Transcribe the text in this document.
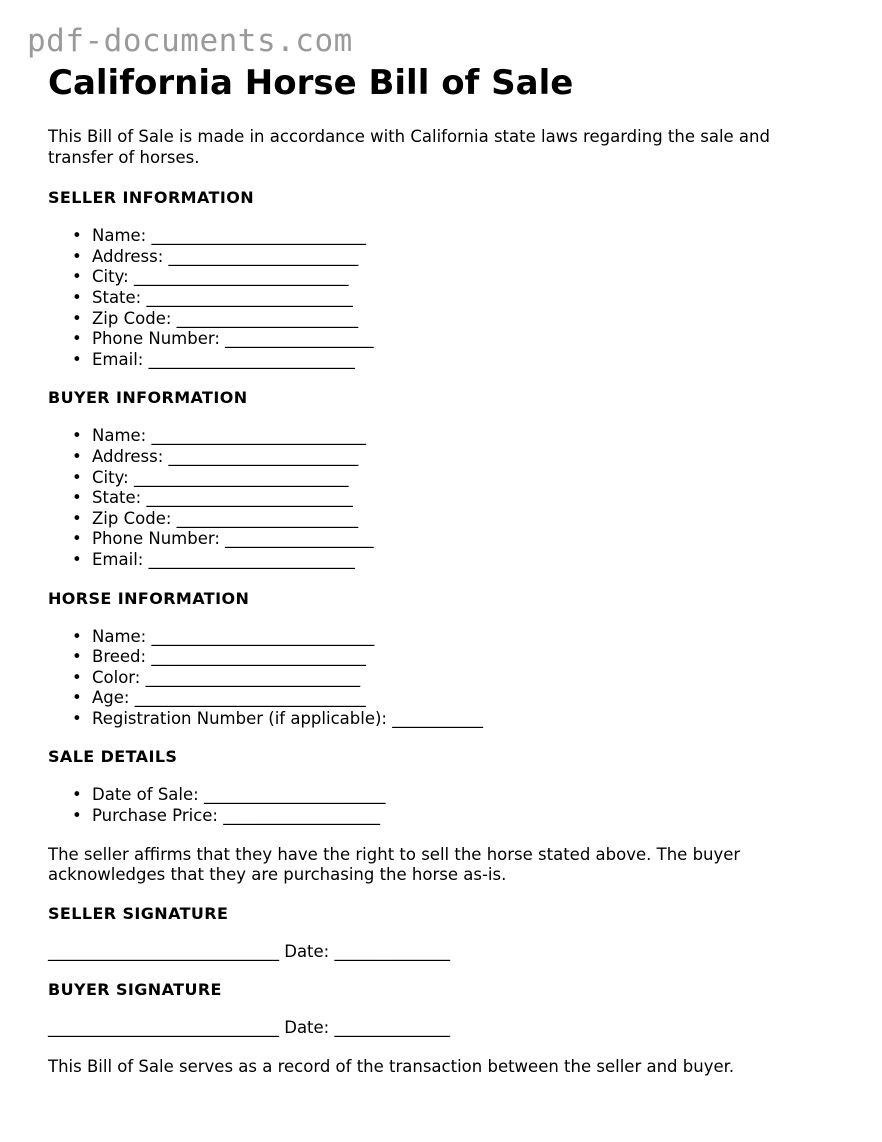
pdf-documents.com
California Horse Bill of Sale

This Bill of Sale is made in accordance with California state laws regarding the sale and transfer of horses.

SELLER INFORMATION
• Name: __________________________
• Address: _______________________
• City: __________________________
• State: _________________________
• Zip Code: ______________________
• Phone Number: __________________
• Email: _________________________
BUYER INFORMATION
• Name: __________________________
• Address: _______________________
• City: __________________________
• State: _________________________
• Zip Code: ______________________
• Phone Number: __________________
• Email: _________________________
HORSE INFORMATION
• Name: ___________________________
• Breed: __________________________
• Color: __________________________
• Age: ____________________________
• Registration Number (if applicable): ___________
SALE DETAILS
• Date of Sale: ______________________
• Purchase Price: ___________________

The seller affirms that they have the right to sell the horse stated above. The buyer acknowledges that they are purchasing the horse as-is.

SELLER SIGNATURE

____________________________ Date: ______________

BUYER SIGNATURE

____________________________ Date: ______________

This Bill of Sale serves as a record of the transaction between the seller and buyer.
